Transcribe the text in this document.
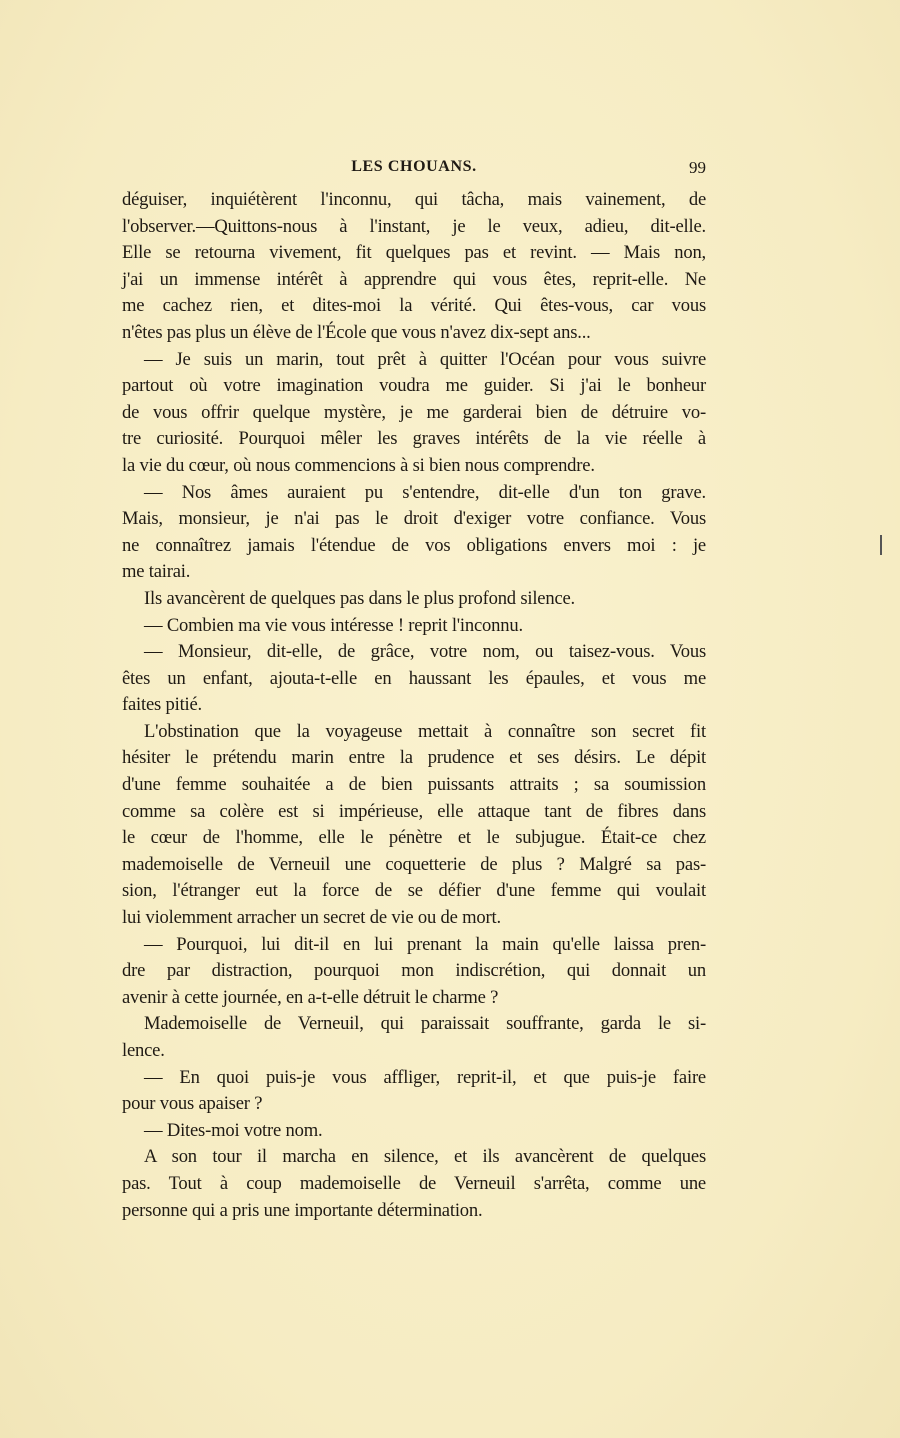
LES CHOUANS.	99
déguiser, inquiétèrent l'inconnu, qui tâcha, mais vainement, de
l'observer.—Quittons-nous à l'instant, je le veux, adieu, dit-elle.
Elle se retourna vivement, fit quelques pas et revint. — Mais non,
j'ai un immense intérêt à apprendre qui vous êtes, reprit-elle. Ne
me cachez rien, et dites-moi la vérité. Qui êtes-vous, car vous
n'êtes pas plus un élève de l'École que vous n'avez dix-sept ans...
— Je suis un marin, tout prêt à quitter l'Océan pour vous suivre
partout où votre imagination voudra me guider. Si j'ai le bonheur
de vous offrir quelque mystère, je me garderai bien de détruire vo-
tre curiosité. Pourquoi mêler les graves intérêts de la vie réelle à
la vie du cœur, où nous commencions à si bien nous comprendre.
— Nos âmes auraient pu s'entendre, dit-elle d'un ton grave.
Mais, monsieur, je n'ai pas le droit d'exiger votre confiance. Vous
ne connaîtrez jamais l'étendue de vos obligations envers moi : je
me tairai.
Ils avancèrent de quelques pas dans le plus profond silence.
— Combien ma vie vous intéresse ! reprit l'inconnu.
— Monsieur, dit-elle, de grâce, votre nom, ou taisez-vous. Vous
êtes un enfant, ajouta-t-elle en haussant les épaules, et vous me
faites pitié.
L'obstination que la voyageuse mettait à connaître son secret fit
hésiter le prétendu marin entre la prudence et ses désirs. Le dépit
d'une femme souhaitée a de bien puissants attraits ; sa soumission
comme sa colère est si impérieuse, elle attaque tant de fibres dans
le cœur de l'homme, elle le pénètre et le subjugue. Était-ce chez
mademoiselle de Verneuil une coquetterie de plus ? Malgré sa pas-
sion, l'étranger eut la force de se défier d'une femme qui voulait
lui violemment arracher un secret de vie ou de mort.
— Pourquoi, lui dit-il en lui prenant la main qu'elle laissa pren-
dre par distraction, pourquoi mon indiscrétion, qui donnait un
avenir à cette journée, en a-t-elle détruit le charme ?
Mademoiselle de Verneuil, qui paraissait souffrante, garda le si-
lence.
— En quoi puis-je vous affliger, reprit-il, et que puis-je faire
pour vous apaiser ?
— Dites-moi votre nom.
A son tour il marcha en silence, et ils avancèrent de quelques
pas. Tout à coup mademoiselle de Verneuil s'arrêta, comme une
personne qui a pris une importante détermination.
